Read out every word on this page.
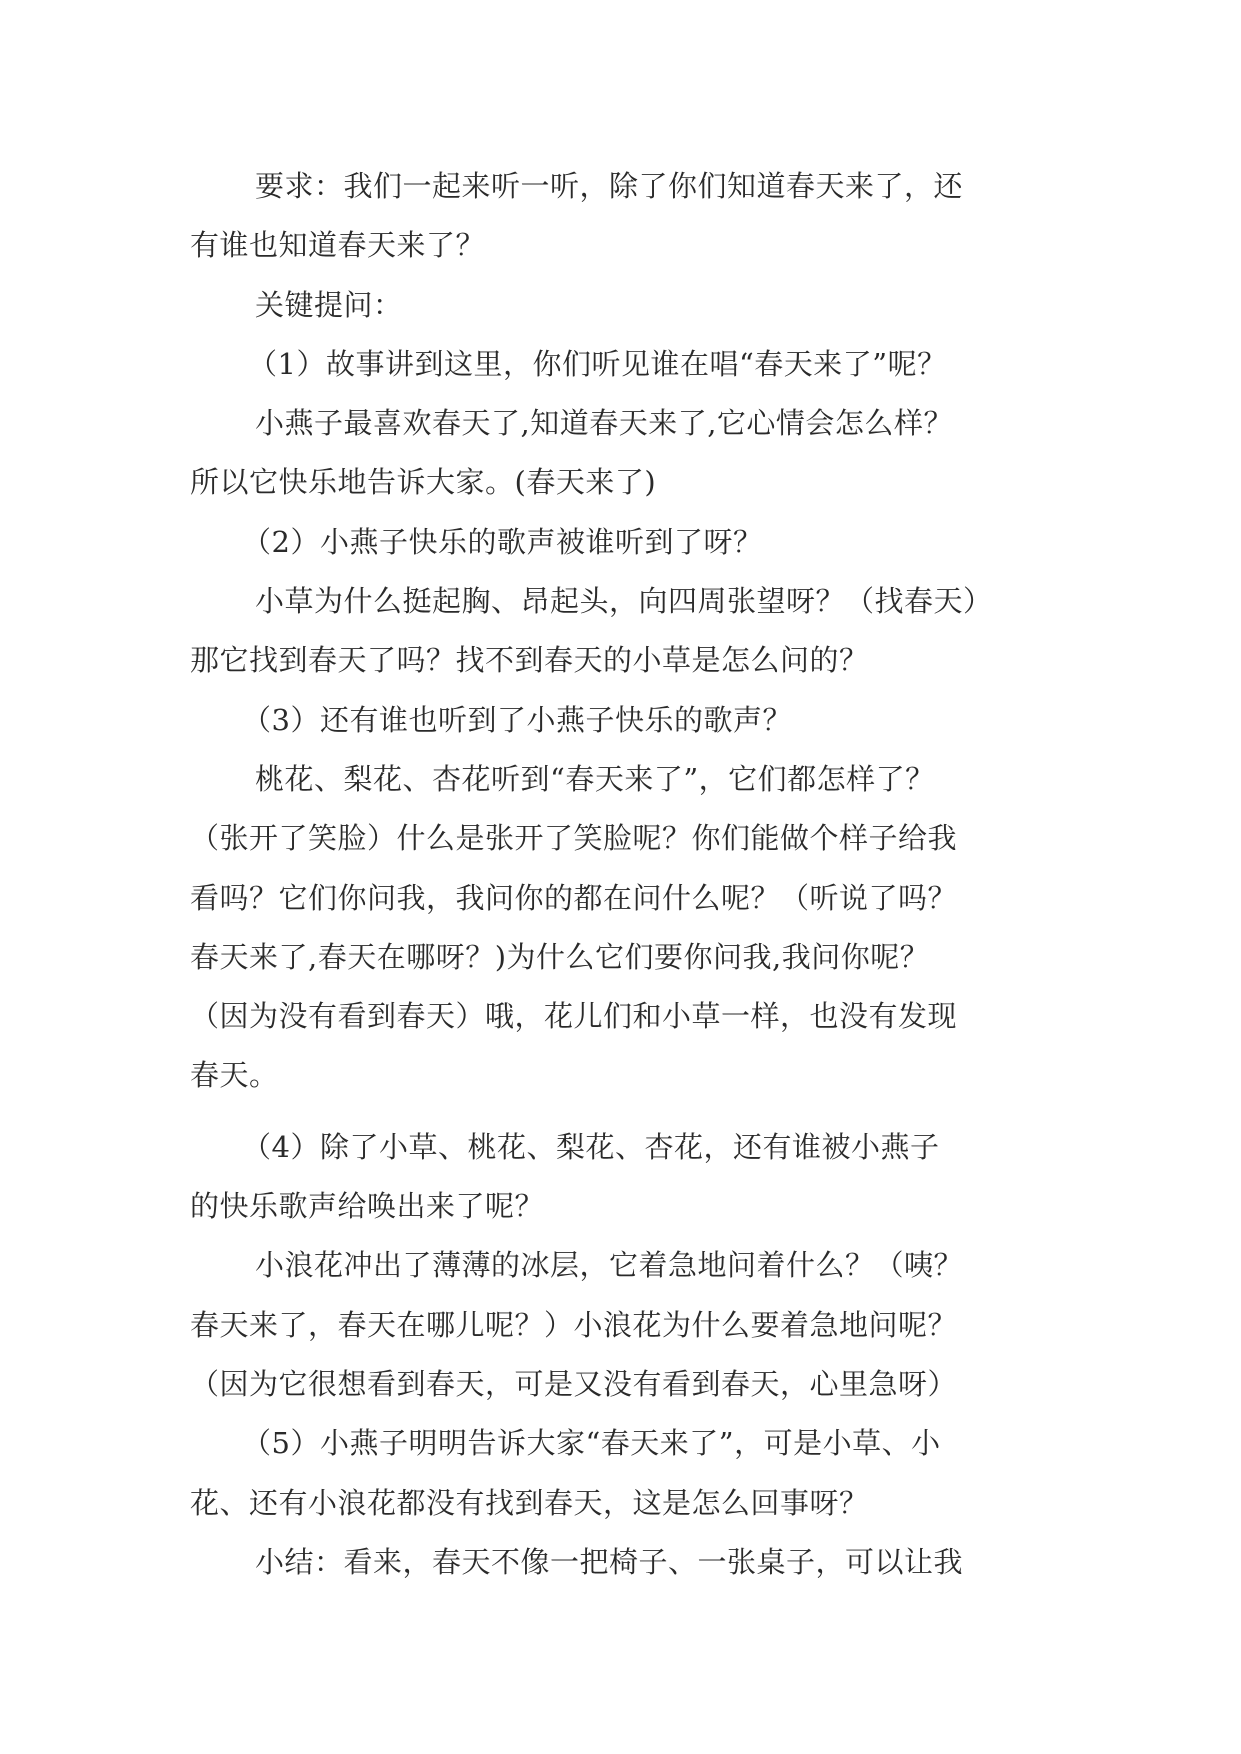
要求：我们一起来听一听，除了你们知道春天来了，还
有谁也知道春天来了？

关键提问：

（1）故事讲到这里，你们听见谁在唱“春天来了”呢？

小燕子最喜欢春天了,知道春天来了,它心情会怎么样？
所以它快乐地告诉大家。(春天来了)

（2）小燕子快乐的歌声被谁听到了呀？

小草为什么挺起胸、昂起头，向四周张望呀？（找春天）
那它找到春天了吗？找不到春天的小草是怎么问的？

（3）还有谁也听到了小燕子快乐的歌声？

桃花、梨花、杏花听到“春天来了”，它们都怎样了？
（张开了笑脸）什么是张开了笑脸呢？你们能做个样子给我
看吗？它们你问我，我问你的都在问什么呢？（听说了吗？
春天来了,春天在哪呀？)为什么它们要你问我,我问你呢？
（因为没有看到春天）哦，花儿们和小草一样，也没有发现
春天。

（4）除了小草、桃花、梨花、杏花，还有谁被小燕子
的快乐歌声给唤出来了呢？

小浪花冲出了薄薄的冰层，它着急地问着什么？（咦？
春天来了，春天在哪儿呢？）小浪花为什么要着急地问呢？
（因为它很想看到春天，可是又没有看到春天，心里急呀）

（5）小燕子明明告诉大家“春天来了”，可是小草、小
花、还有小浪花都没有找到春天，这是怎么回事呀？

小结：看来，春天不像一把椅子、一张桌子，可以让我
